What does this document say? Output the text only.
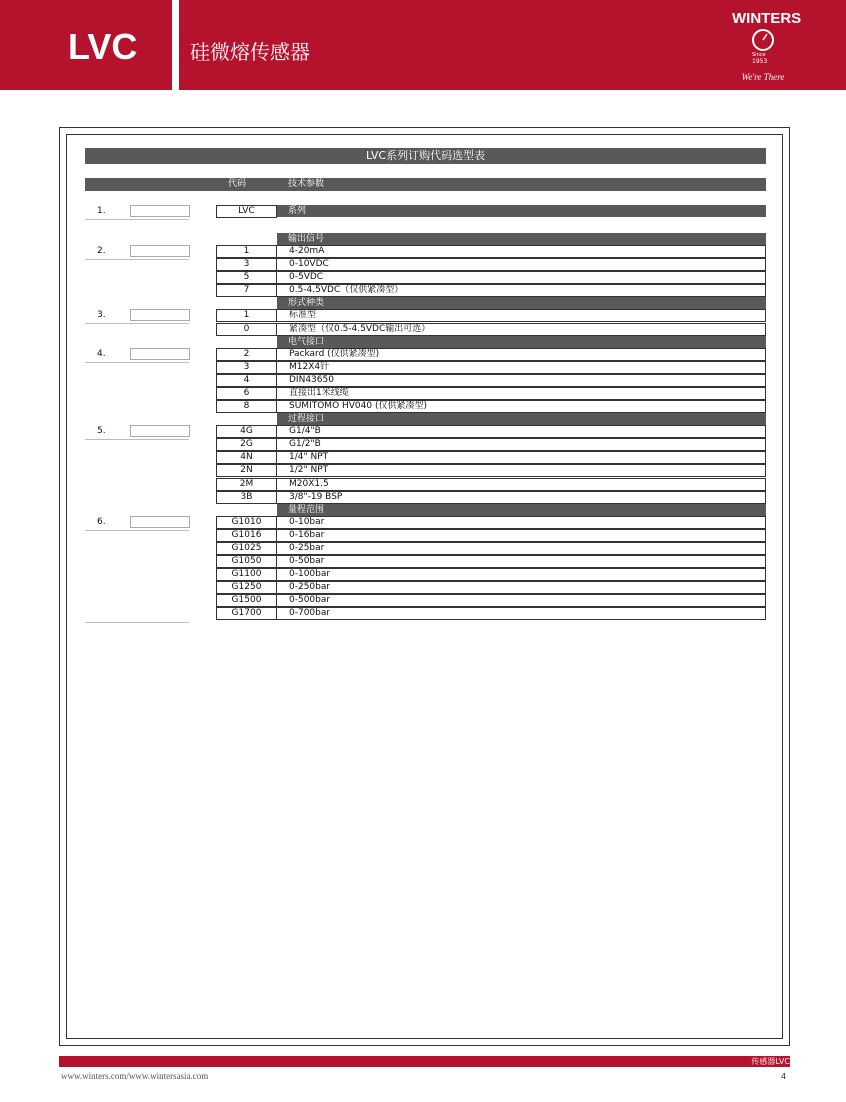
LVC	硅微熔传感器
WINTERS
Since
1953
We're There
LVC系列订购代码选型表
代码	技术参数
1.	LVC	系列
输出信号
2.	1	4-20mA
3	0-10VDC
5	0-5VDC
7	0.5-4.5VDC（仅供紧凑型）
形式种类
3.	1	标准型
0	紧凑型（仅0.5-4.5VDC输出可选）
电气接口
4.	2	Packard (仅供紧凑型)
3	M12X4针
4	DIN43650
6	直接出1米线缆
8	SUMITOMO HV040 (仅供紧凑型)
过程接口
5.	4G	G1/4"B
2G	G1/2"B
4N	1/4" NPT
2N	1/2" NPT
2M	M20X1.5
3B	3/8"-19 BSP
量程范围
6.	G1010	0-10bar
G1016	0-16bar
G1025	0-25bar
G1050	0-50bar
G1100	0-100bar
G1250	0-250bar
G1500	0-500bar
G1700	0-700bar
传感器LVC
www.winters.com/www.wintersasia.com	4
